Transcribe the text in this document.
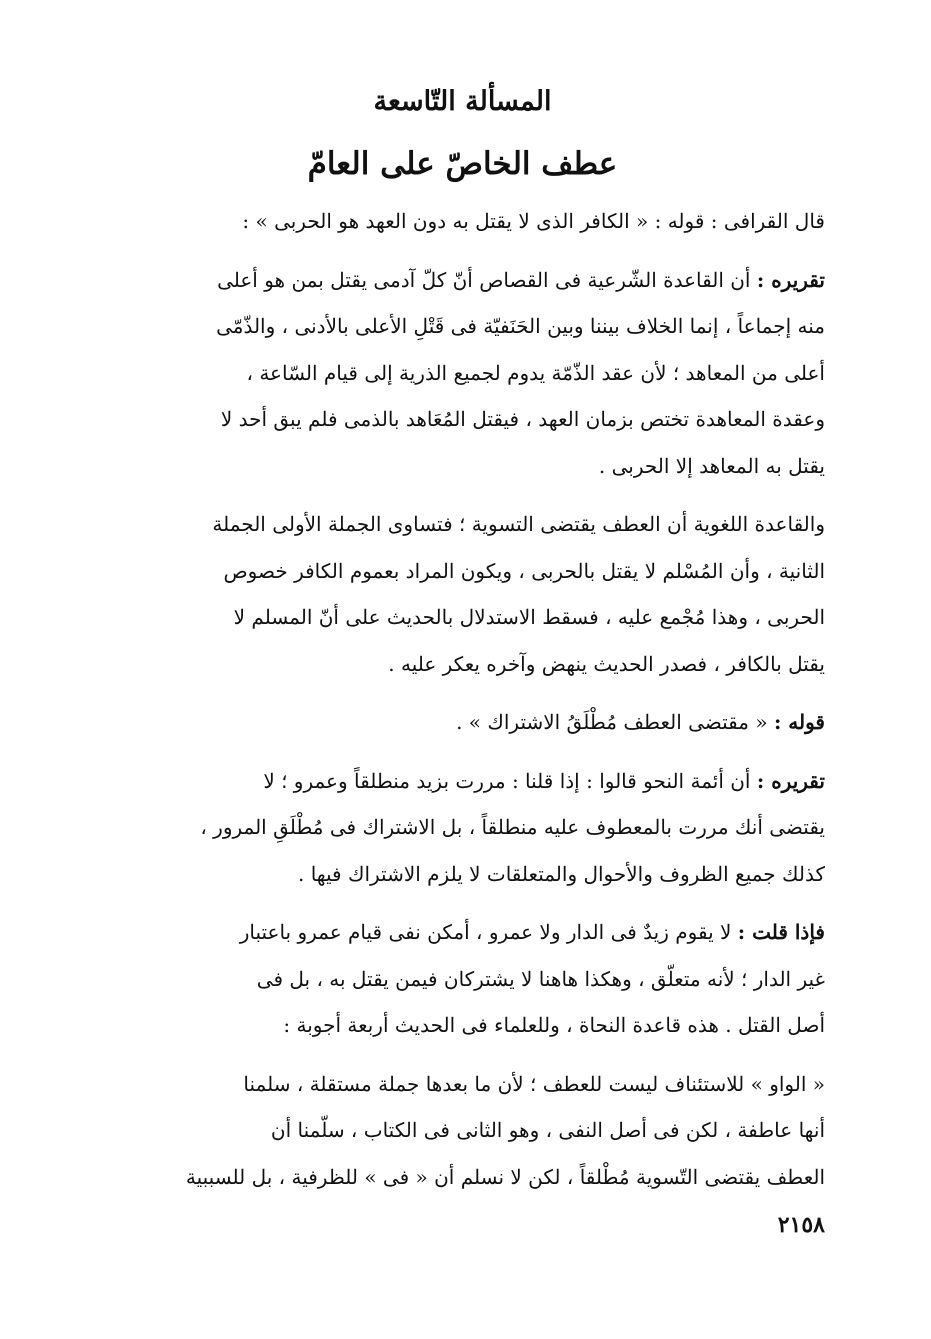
المسألة التّاسعة
عطف الخاصّ على العامّ

قال القرافى : قوله : « الكافر الذى لا يقتل به دون العهد هو الحربى » :

تقريره : أن القاعدة الشّرعية فى القصاص أنّ كلّ آدمى يقتل بمن هو أعلى
منه إجماعاً ، إنما الخلاف بيننا وبين الحَنَفيّة فى قَتْلِ الأعلى بالأدنى ، والذّمّى
أعلى من المعاهد ؛ لأن عقد الذّمّة يدوم لجميع الذرية إلى قيام السّاعة ،
وعقدة المعاهدة تختص بزمان العهد ، فيقتل المُعَاهد بالذمى فلم يبق أحد لا
يقتل به المعاهد إلا الحربى .

والقاعدة اللغوية أن العطف يقتضى التسوية ؛ فتساوى الجملة الأولى الجملة
الثانية ، وأن المُسْلم لا يقتل بالحربى ، ويكون المراد بعموم الكافر خصوص
الحربى ، وهذا مُجْمع عليه ، فسقط الاستدلال بالحديث على أنّ المسلم لا
يقتل بالكافر ، فصدر الحديث ينهض وآخره يعكر عليه .

قوله : « مقتضى العطف مُطْلَقُ الاشتراك » .

تقريره : أن أئمة النحو قالوا : إذا قلنا : مررت بزيد منطلقاً وعمرو ؛ لا
يقتضى أنك مررت بالمعطوف عليه منطلقاً ، بل الاشتراك فى مُطْلَقِ المرور ،
كذلك جميع الظروف والأحوال والمتعلقات لا يلزم الاشتراك فيها .

فإذا قلت : لا يقوم زيدٌ فى الدار ولا عمرو ، أمكن نفى قيام عمرو باعتبار
غير الدار ؛ لأنه متعلّق ، وهكذا هاهنا لا يشتركان فيمن يقتل به ، بل فى
أصل القتل . هذه قاعدة النحاة ، وللعلماء فى الحديث أربعة أجوبة :

« الواو » للاستئناف ليست للعطف ؛ لأن ما بعدها جملة مستقلة ، سلمنا
أنها عاطفة ، لكن فى أصل النفى ، وهو الثانى فى الكتاب ، سلّمنا أن
العطف يقتضى التّسوية مُطْلقاً ، لكن لا نسلم أن « فى » للظرفية ، بل للسببية

٢١٥٨
